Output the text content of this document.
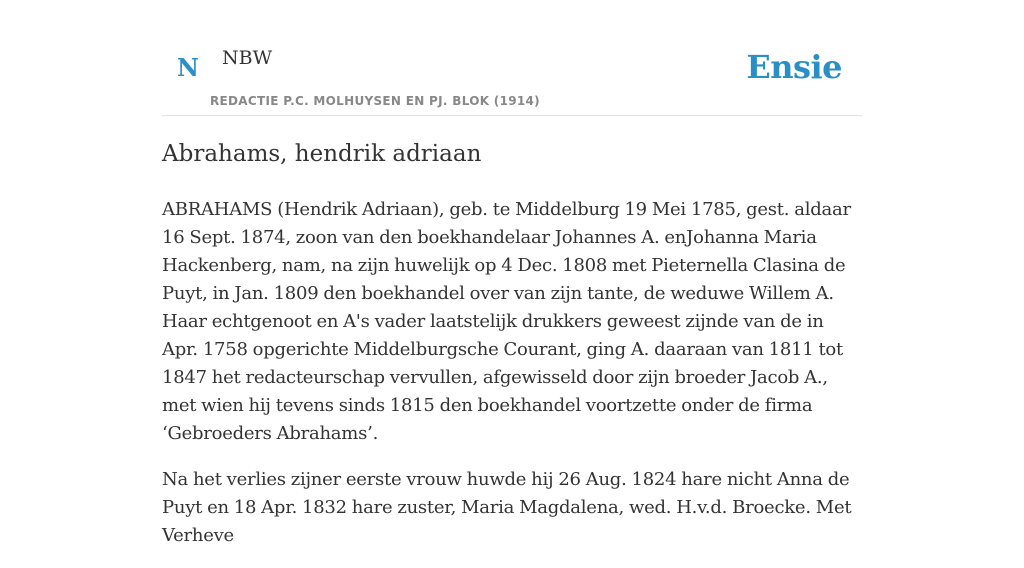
N NBW
REDACTIE P.C. MOLHUYSEN EN PJ. BLOK (1914)
Ensie
Abrahams, hendrik adriaan

ABRAHAMS (Hendrik Adriaan), geb. te Middelburg 19 Mei 1785, gest. aldaar 16 Sept. 1874, zoon van den boekhandelaar Johannes A. enJohanna Maria Hackenberg, nam, na zijn huwelijk op 4 Dec. 1808 met Pieternella Clasina de Puyt, in Jan. 1809 den boekhandel over van zijn tante, de weduwe Willem A. Haar echtgenoot en A's vader laatstelijk drukkers geweest zijnde van de in Apr. 1758 opgerichte Middelburgsche Courant, ging A. daaraan van 1811 tot 1847 het redacteurschap vervullen, afgewisseld door zijn broeder Jacob A., met wien hij tevens sinds 1815 den boekhandel voortzette onder de firma ‘Gebroeders Abrahams’.

Na het verlies zijner eerste vrouw huwde hij 26 Aug. 1824 hare nicht Anna de Puyt en 18 Apr. 1832 hare zuster, Maria Magdalena, wed. H.v.d. Broecke. Met Verheve
